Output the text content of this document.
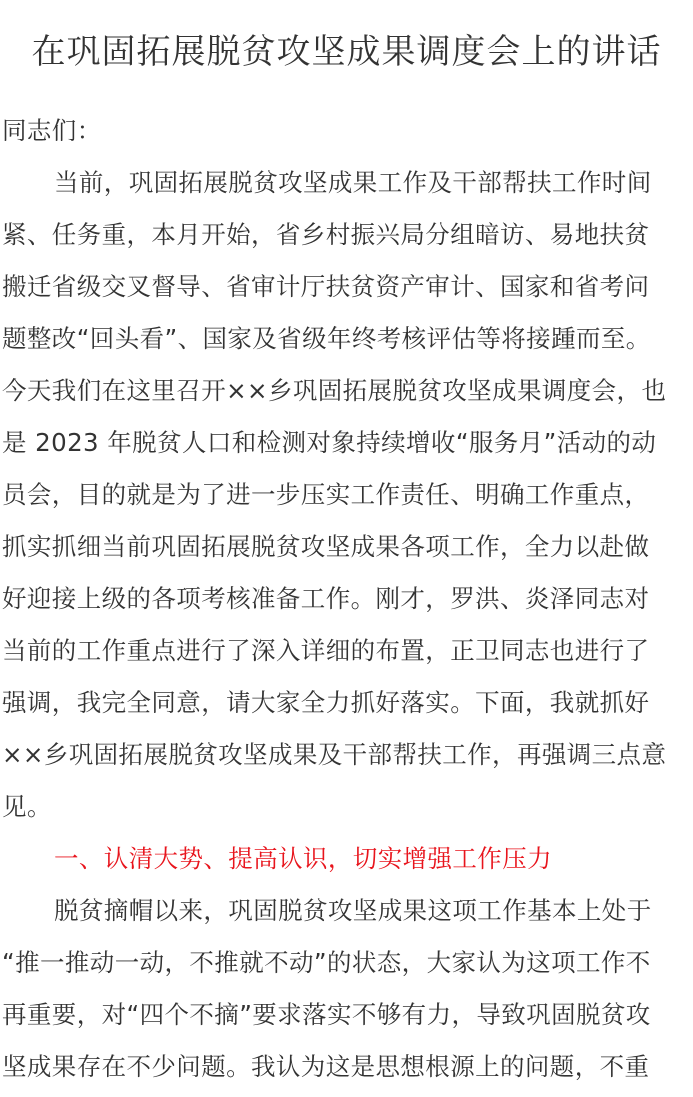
在巩固拓展脱贫攻坚成果调度会上的讲话
同志们：
当前，巩固拓展脱贫攻坚成果工作及干部帮扶工作时间
紧、任务重，本月开始，省乡村振兴局分组暗访、易地扶贫
搬迁省级交叉督导、省审计厅扶贫资产审计、国家和省考问
题整改“回头看”、国家及省级年终考核评估等将接踵而至。
今天我们在这里召开××乡巩固拓展脱贫攻坚成果调度会，也
是 2023 年脱贫人口和检测对象持续增收“服务月”活动的动
员会，目的就是为了进一步压实工作责任、明确工作重点，
抓实抓细当前巩固拓展脱贫攻坚成果各项工作，全力以赴做
好迎接上级的各项考核准备工作。刚才，罗洪、炎泽同志对
当前的工作重点进行了深入详细的布置，正卫同志也进行了
强调，我完全同意，请大家全力抓好落实。下面，我就抓好
××乡巩固拓展脱贫攻坚成果及干部帮扶工作，再强调三点意
见。
一、认清大势、提高认识，切实增强工作压力
脱贫摘帽以来，巩固脱贫攻坚成果这项工作基本上处于
“推一推动一动，不推就不动”的状态，大家认为这项工作不
再重要，对“四个不摘”要求落实不够有力，导致巩固脱贫攻
坚成果存在不少问题。我认为这是思想根源上的问题，不重
